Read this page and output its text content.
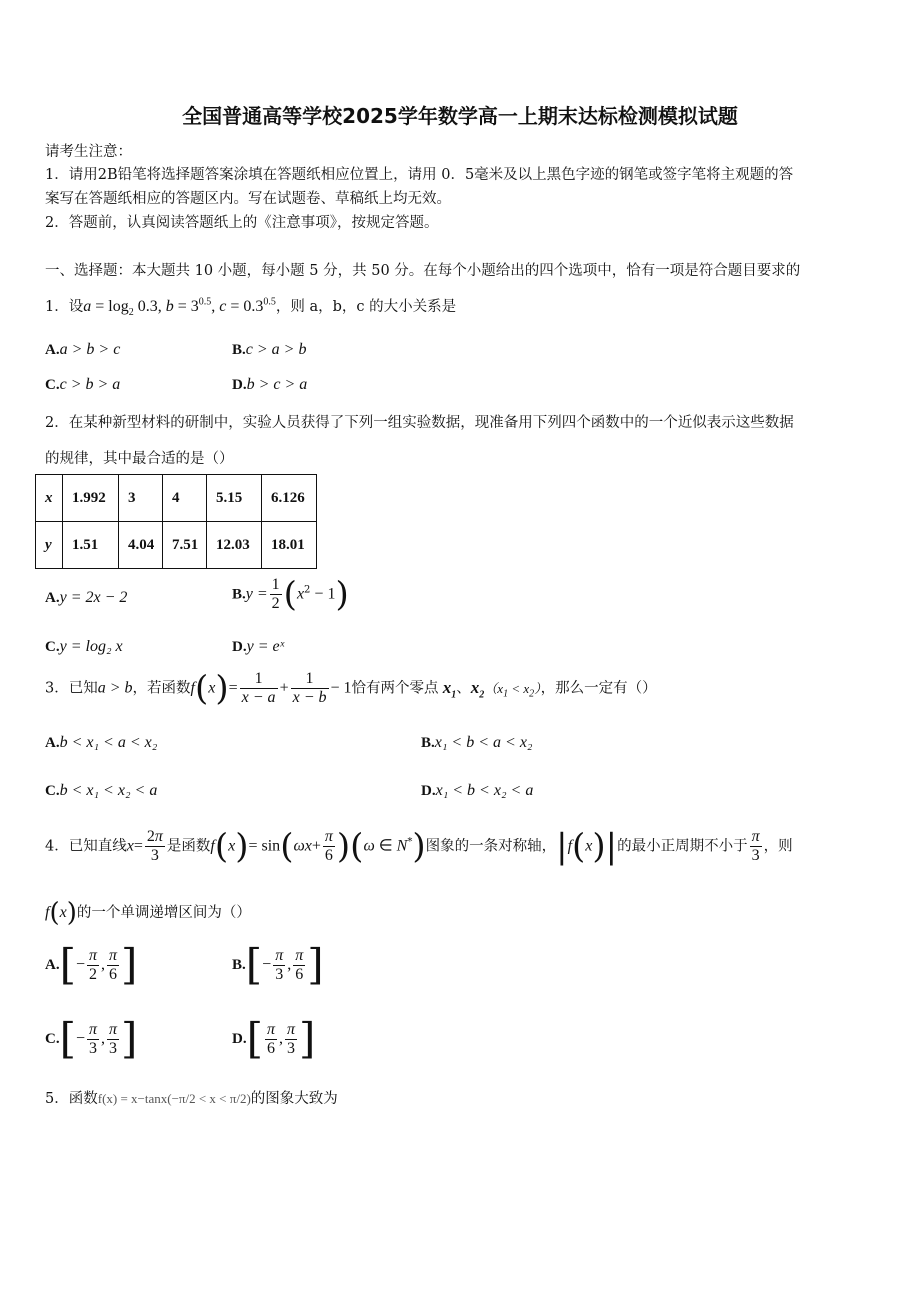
全国普通高等学校2025学年数学高一上期末达标检测模拟试题
请考生注意：
1．请用2B铅笔将选择题答案涂填在答题纸相应位置上，请用 0．5毫米及以上黑色字迹的钢笔或签字笔将主观题的答
案写在答题纸相应的答题区内。写在试题卷、草稿纸上均无效。
2．答题前，认真阅读答题纸上的《注意事项》，按规定答题。
一、选择题：本大题共 10 小题，每小题 5 分，共 50 分。在每个小题给出的四个选项中，恰有一项是符合题目要求的
1．设$a = \log_2 0.3$, $b = 3^{0.5}$, $c = 0.3^{0.5}$，则 a，b，c 的大小关系是
A.a > b > c	B.c > a > b
C.c > b > a	D.b > c > a
2．在某种新型材料的研制中，实验人员获得了下列一组实验数据，现准备用下列四个函数中的一个近似表示这些数据
的规律，其中最合适的是（）
x	1.992	3	4	5.15	6.126
y	1.51	4.04	7.51	12.03	18.01
A.y = 2x − 2	$B.y = \frac{1}{2} (x^2 - 1)$
C.y = log₂ x	D.y = eˣ
3．已知a > b，若函数$f(x)= \frac{1}{x - a} + \frac{1}{x - b} - 1$恰有两个零点 $x_1$、$x_2(x_1 < x_2)$，那么一定有（）
A.b < x₁ < a < x₂	B.x₁ < b < a < x₂
C.b < x₁ < x₂ < a	D.x₁ < b < x₂ < a
4．已知直线$x= \frac{2\pi}{3}$ 是函数$f(x)= \sin(\omega x+ \frac{\pi}{6} )(\omega$ ∈ N*)图象的一条对称轴，|f(x)|的最小正周期不小于 $\frac{\pi}{3}$ ，则
f(x)的一个单调递增区间为（）
$A.[- \frac{\pi}{2}$ , $\frac{\pi}{6}$ ]	$B.[- \frac{\pi}{3}$ , $\frac{\pi}{6}$ ]
$C.[- \frac{\pi}{3}$ , $\frac{\pi}{3}$ ]	$D.[ \frac{\pi}{6}$ , $\frac{\pi}{3}$ ]
5．函数f(x) = x−tanx(−π/2 < x < π/2)的图象大致为
